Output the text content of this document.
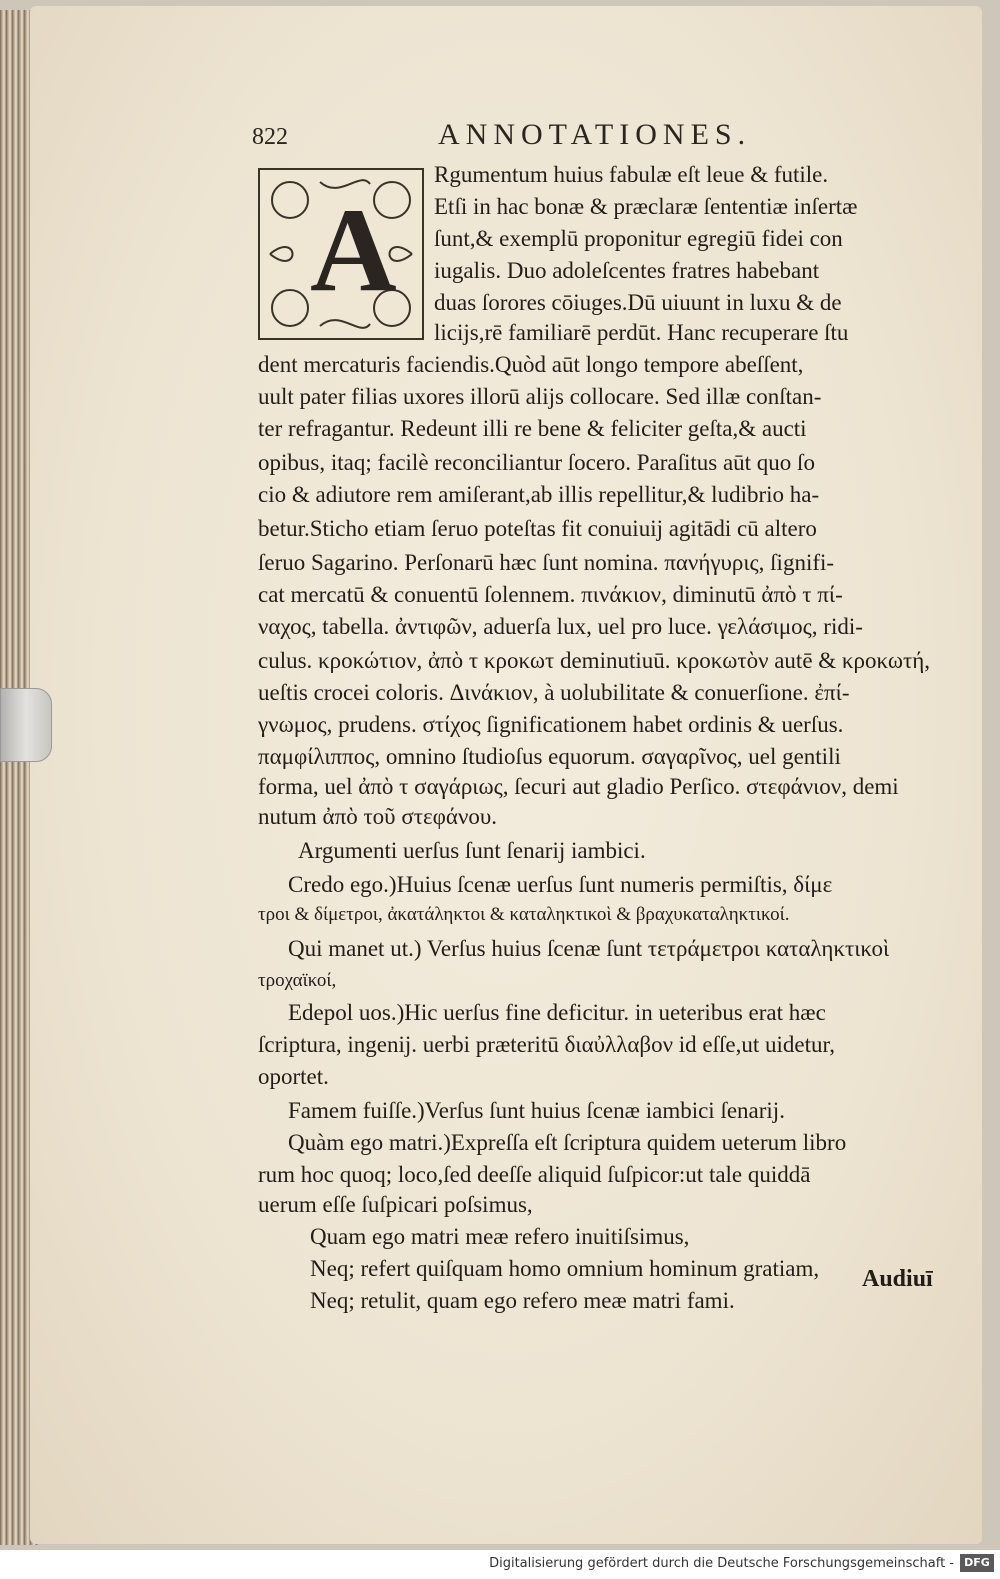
822	ANNOTATIONES.
A
Rgumentum huius fabulæ eſt leue & futile.
Etſi in hac bonæ & præclaræ ſententiæ inſertæ
ſunt,& exemplū proponitur egregiū fidei con
iugalis. Duo adoleſcentes fratres habebant
duas ſorores cōiuges.Dū uiuunt in luxu & de
licijs,rē familiarē perdūt. Hanc recuperare ſtu
dent mercaturis faciendis.Quòd aūt longo tempore abeſſent,
uult pater filias uxores illorū alijs collocare. Sed illæ conſtan-
ter refragantur. Redeunt illi re bene & feliciter geſta,& aucti
opibus, itaq; facilè reconciliantur ſocero. Paraſitus aūt quo ſo
cio & adiutore rem amiſerant,ab illis repellitur,& ludibrio ha-
betur.Sticho etiam ſeruo poteſtas fit conuiuij agitādi cū altero
ſeruo Sagarino. Perſonarū hæc ſunt nomina. πανήγυρις, ſignifi-
cat mercatū & conuentū ſolennem. πινάκιον, diminutū ἀπὸ τ πί-
ναχος, tabella. ἀντιφῶν, aduerſa lux, uel pro luce. γελάσιμος, ridi-
culus. κροκώτιον, ἀπὸ τ κροκωτ deminutiuū. κροκωτὸν autē & κροκωτή,
ueſtis crocei coloris. Δινάκιον, à uolubilitate & conuerſione. ἐπί-
γνωμος, prudens. στίχος ſignificationem habet ordinis & uerſus.
παμφίλιππος, omnino ſtudioſus equorum. σαγαρῖνος, uel gentili
forma, uel ἀπὸ τ σαγάριως, ſecuri aut gladio Perſico. στεφάνιον, demi
nutum ἀπὸ τοῦ στεφάνου.
Argumenti uerſus ſunt ſenarij iambici.
Credo ego.)Huius ſcenæ uerſus ſunt numeris permiſtis, δίμε
τροι & δίμετροι, ἀκατάληκτοι & καταληκτικοὶ & βραχυκαταληκτικοί.
Qui manet ut.) Verſus huius ſcenæ ſunt τετράμετροι καταληκτικοὶ
τροχαϊκοί,
Edepol uos.)Hic uerſus fine deficitur. in ueteribus erat hæc
ſcriptura, ingenij. uerbi præteritū διαὐλλαβον id eſſe,ut uidetur,
oportet.
Famem fuiſſe.)Verſus ſunt huius ſcenæ iambici ſenarij.
Quàm ego matri.)Expreſſa eſt ſcriptura quidem ueterum libro
rum hoc quoq; loco,ſed deeſſe aliquid ſuſpicor:ut tale quiddā
uerum eſſe ſuſpicari poſsimus,
Quam ego matri meæ refero inuitiſsimus,
Neq; refert quiſquam homo omnium hominum gratiam,
Neq; retulit, quam ego refero meæ matri fami.
Audiuī
Digitalisierung gefördert durch die Deutsche Forschungsgemeinschaft - DFG
